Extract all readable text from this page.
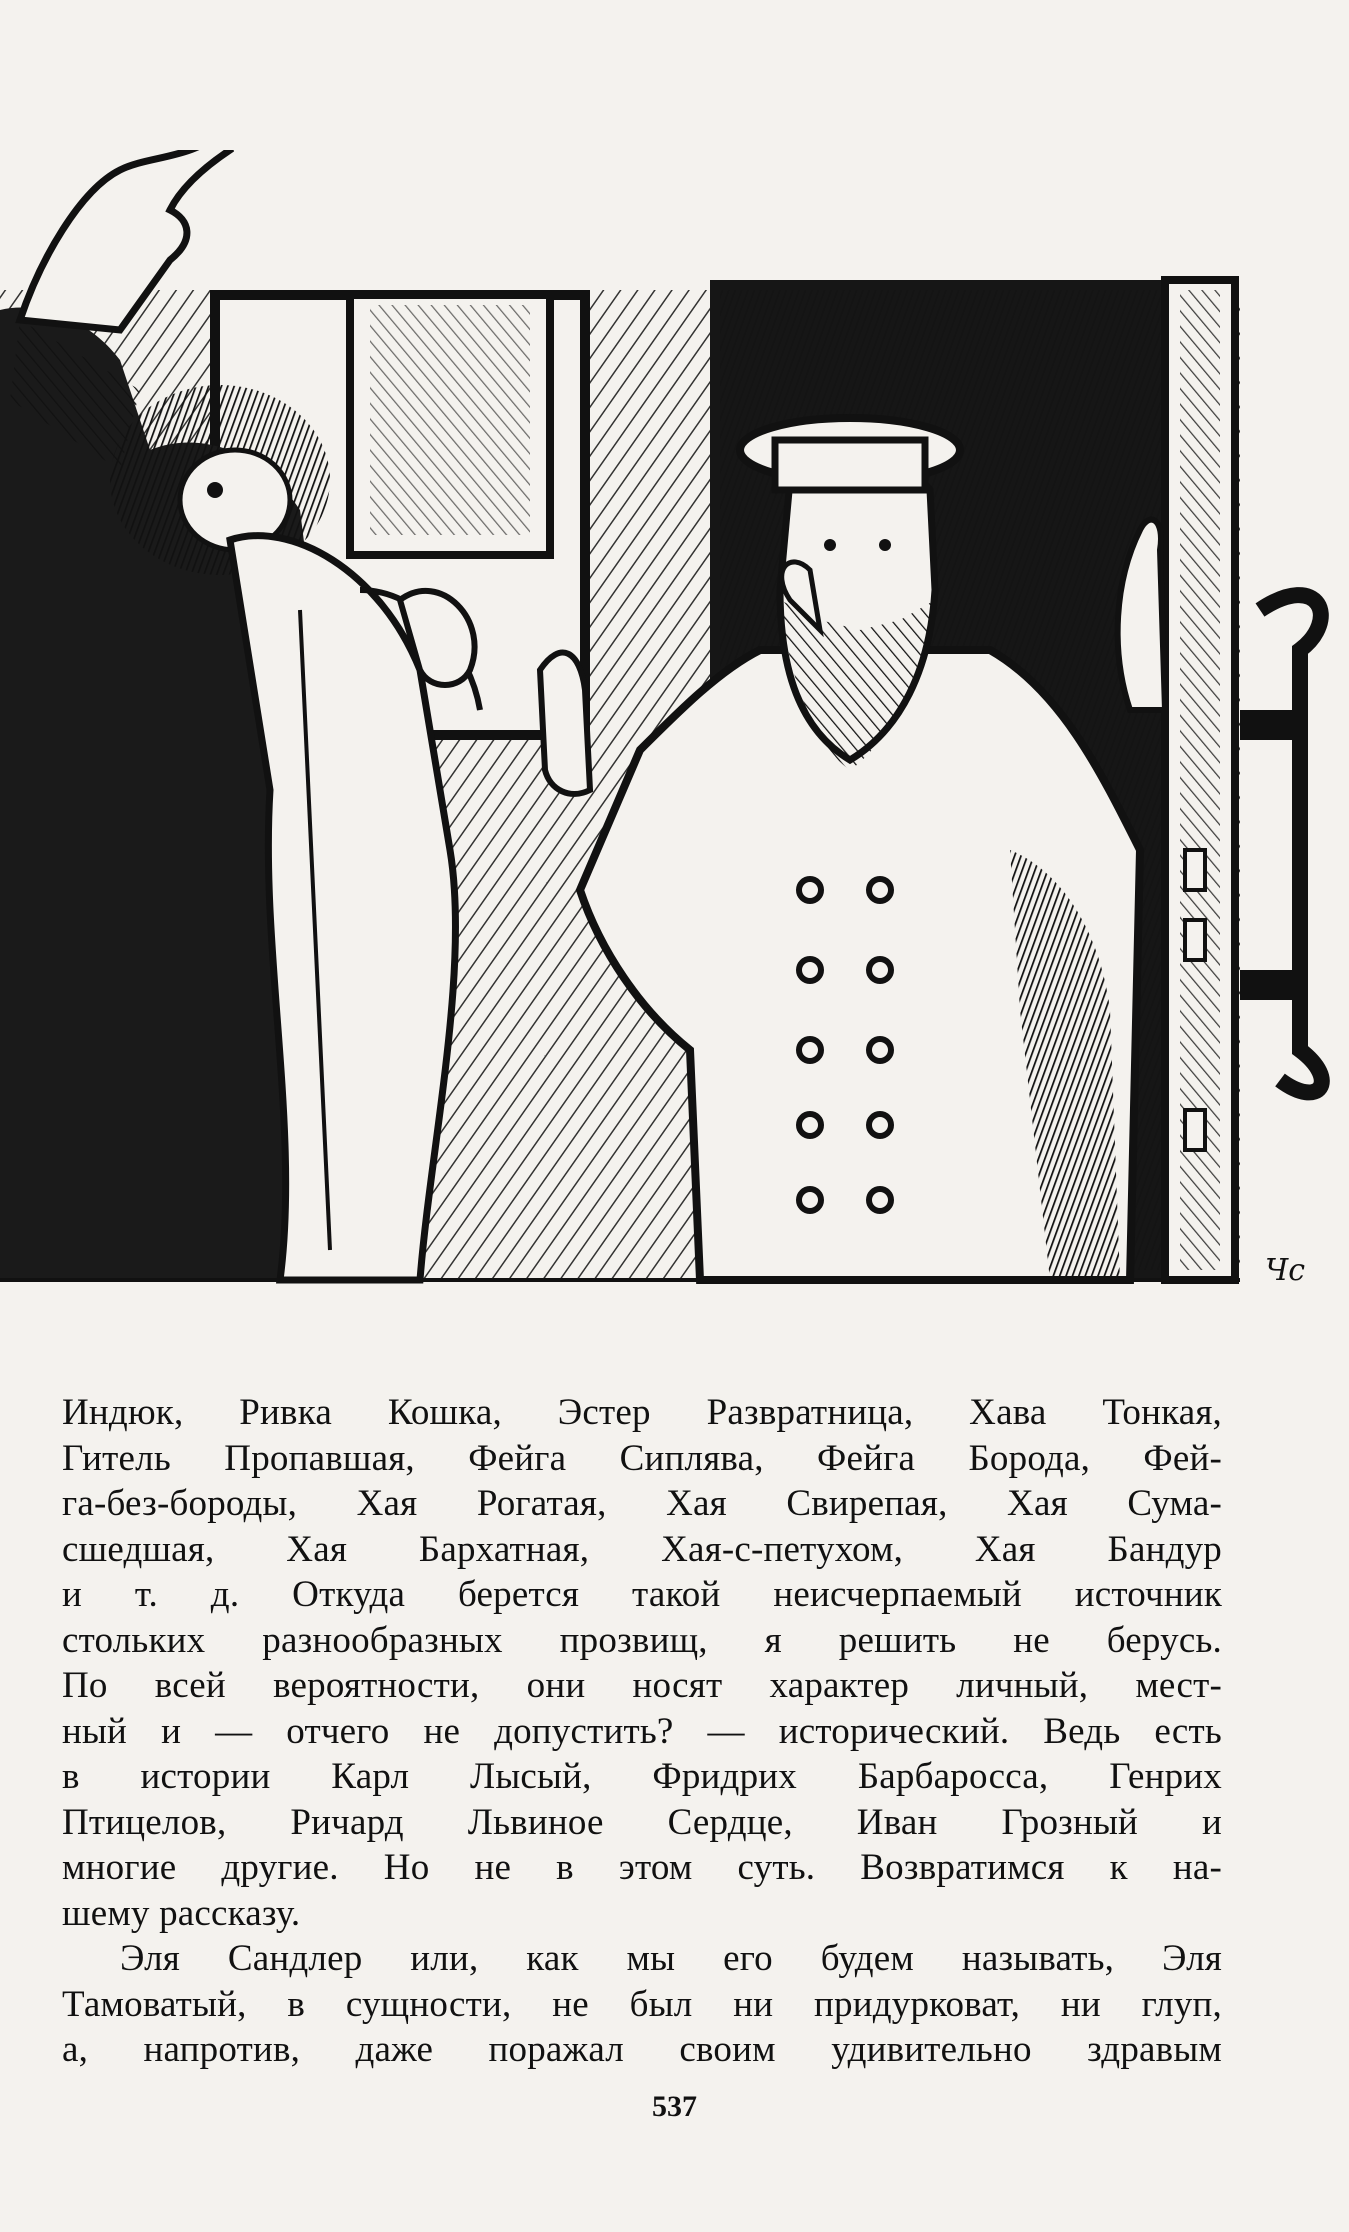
Чс
Индюк, Ривка Кошка, Эстер Развратница, Хава Тонкая,
Гитель Пропавшая, Фейга Сиплява, Фейга Борода, Фей-
га-без-бороды, Хая Рогатая, Хая Свирепая, Хая Сума-
сшедшая, Хая Бархатная, Хая-с-петухом, Хая Бандур
и т. д. Откуда берется такой неисчерпаемый источник
стольких разнообразных прозвищ, я решить не берусь.
По всей вероятности, они носят характер личный, мест-
ный и — отчего не допустить? — исторический. Ведь есть
в истории Карл Лысый, Фридрих Барбаросса, Генрих
Птицелов, Ричард Львиное Сердце, Иван Грозный и
многие другие. Но не в этом суть. Возвратимся к на-
шему рассказу.
Эля Сандлер или, как мы его будем называть, Эля
Тамоватый, в сущности, не был ни придурковат, ни глуп,
а, напротив, даже поражал своим удивительно здравым
537
